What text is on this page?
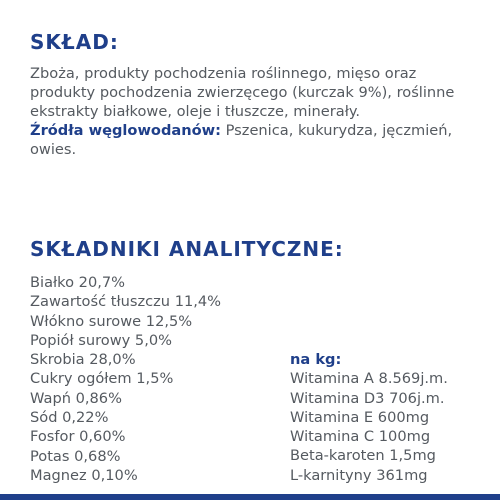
SKŁAD:

Zboża, produkty pochodzenia roślinnego, mięso oraz produkty pochodzenia zwierzęcego (kurczak 9%), roślinne ekstrakty białkowe, oleje i tłuszcze, minerały.
Źródła węglowodanów: Pszenica, kukurydza, jęczmień, owies.

SKŁADNIKI ANALITYCZNE:
Białko 20,7%
Zawartość tłuszczu 11,4%
Włókno surowe 12,5%
Popiół surowy 5,0%
Skrobia 28,0%
Cukry ogółem 1,5%
Wapń 0,86%
Sód 0,22%
Fosfor 0,60%
Potas 0,68%
Magnez 0,10%
na kg:
Witamina A 8.569j.m.
Witamina D3 706j.m.
Witamina E 600mg
Witamina C 100mg
Beta-karoten 1,5mg
L-karnityny 361mg
